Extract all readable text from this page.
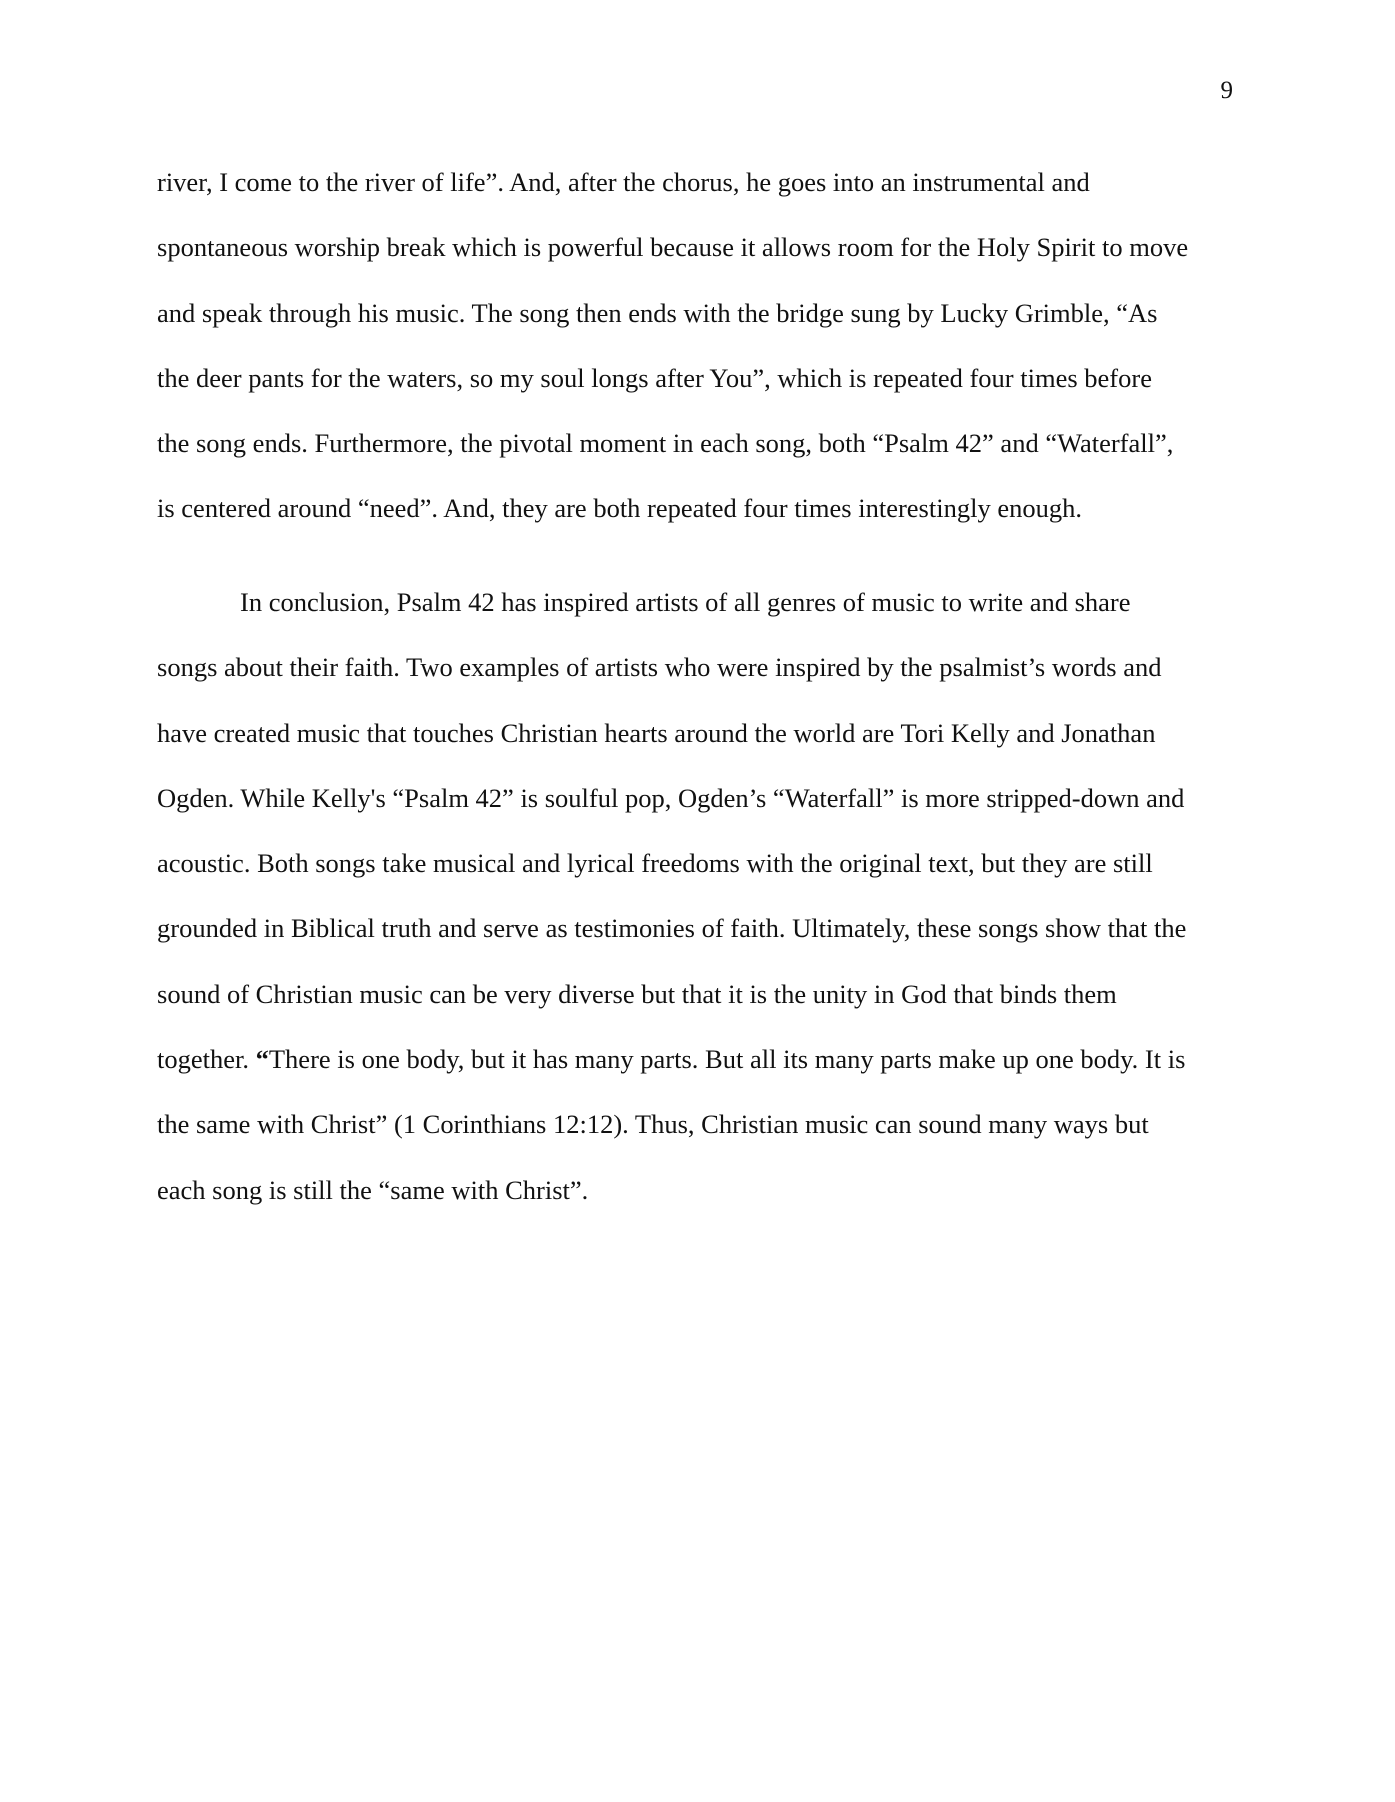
9

river, I come to the river of life”. And, after the chorus, he goes into an instrumental and
spontaneous worship break which is powerful because it allows room for the Holy Spirit to move
and speak through his music. The song then ends with the bridge sung by Lucky Grimble, “As
the deer pants for the waters, so my soul longs after You”, which is repeated four times before
the song ends. Furthermore, the pivotal moment in each song, both “Psalm 42” and “Waterfall”,
is centered around “need”. And, they are both repeated four times interestingly enough.

In conclusion, Psalm 42 has inspired artists of all genres of music to write and share
songs about their faith. Two examples of artists who were inspired by the psalmist’s words and
have created music that touches Christian hearts around the world are Tori Kelly and Jonathan
Ogden. While Kelly's “Psalm 42” is soulful pop, Ogden’s “Waterfall” is more stripped-down and
acoustic. Both songs take musical and lyrical freedoms with the original text, but they are still
grounded in Biblical truth and serve as testimonies of faith. Ultimately, these songs show that the
sound of Christian music can be very diverse but that it is the unity in God that binds them
together. “There is one body, but it has many parts. But all its many parts make up one body. It is
the same with Christ” (1 Corinthians 12:12). Thus, Christian music can sound many ways but
each song is still the “same with Christ”.
